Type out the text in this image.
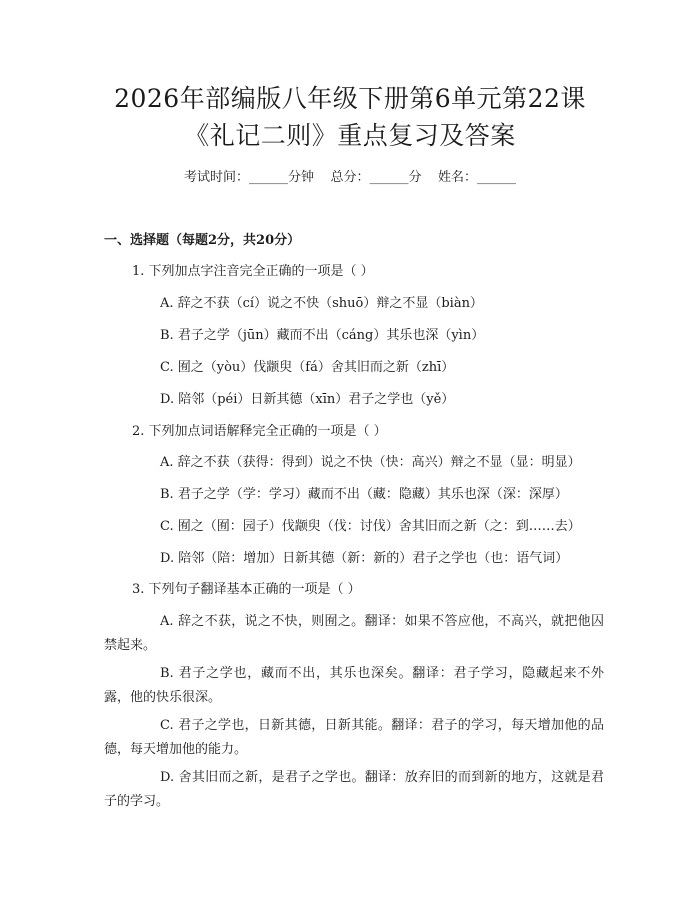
2026年部编版八年级下册第6单元第22课
《礼记二则》重点复习及答案
考试时间：______分钟    总分：______分    姓名：______
一、选择题（每题2分，共20分）
1. 下列加点字注音完全正确的一项是（ ）
A. 辞之不获（cí）说之不快（shuō）辩之不显（biàn）
B. 君子之学（jūn）藏而不出（cáng）其乐也深（yìn）
C. 囿之（yòu）伐颛臾（fá）舍其旧而之新（zhī）
D. 陪邻（péi）日新其德（xīn）君子之学也（yě）
2. 下列加点词语解释完全正确的一项是（ ）
A. 辞之不获（获得：得到）说之不快（快：高兴）辩之不显（显：明显）
B. 君子之学（学：学习）藏而不出（藏：隐藏）其乐也深（深：深厚）
C. 囿之（囿：园子）伐颛臾（伐：讨伐）舍其旧而之新（之：到……去）
D. 陪邻（陪：增加）日新其德（新：新的）君子之学也（也：语气词）
3. 下列句子翻译基本正确的一项是（ ）
A. 辞之不获，说之不快，则囿之。翻译：如果不答应他，不高兴，就把他囚禁起来。
B. 君子之学也，藏而不出，其乐也深矣。翻译：君子学习，隐藏起来不外露，他的快乐很深。
C. 君子之学也，日新其德，日新其能。翻译：君子的学习，每天增加他的品德，每天增加他的能力。
D. 舍其旧而之新，是君子之学也。翻译：放弃旧的而到新的地方，这就是君子的学习。
